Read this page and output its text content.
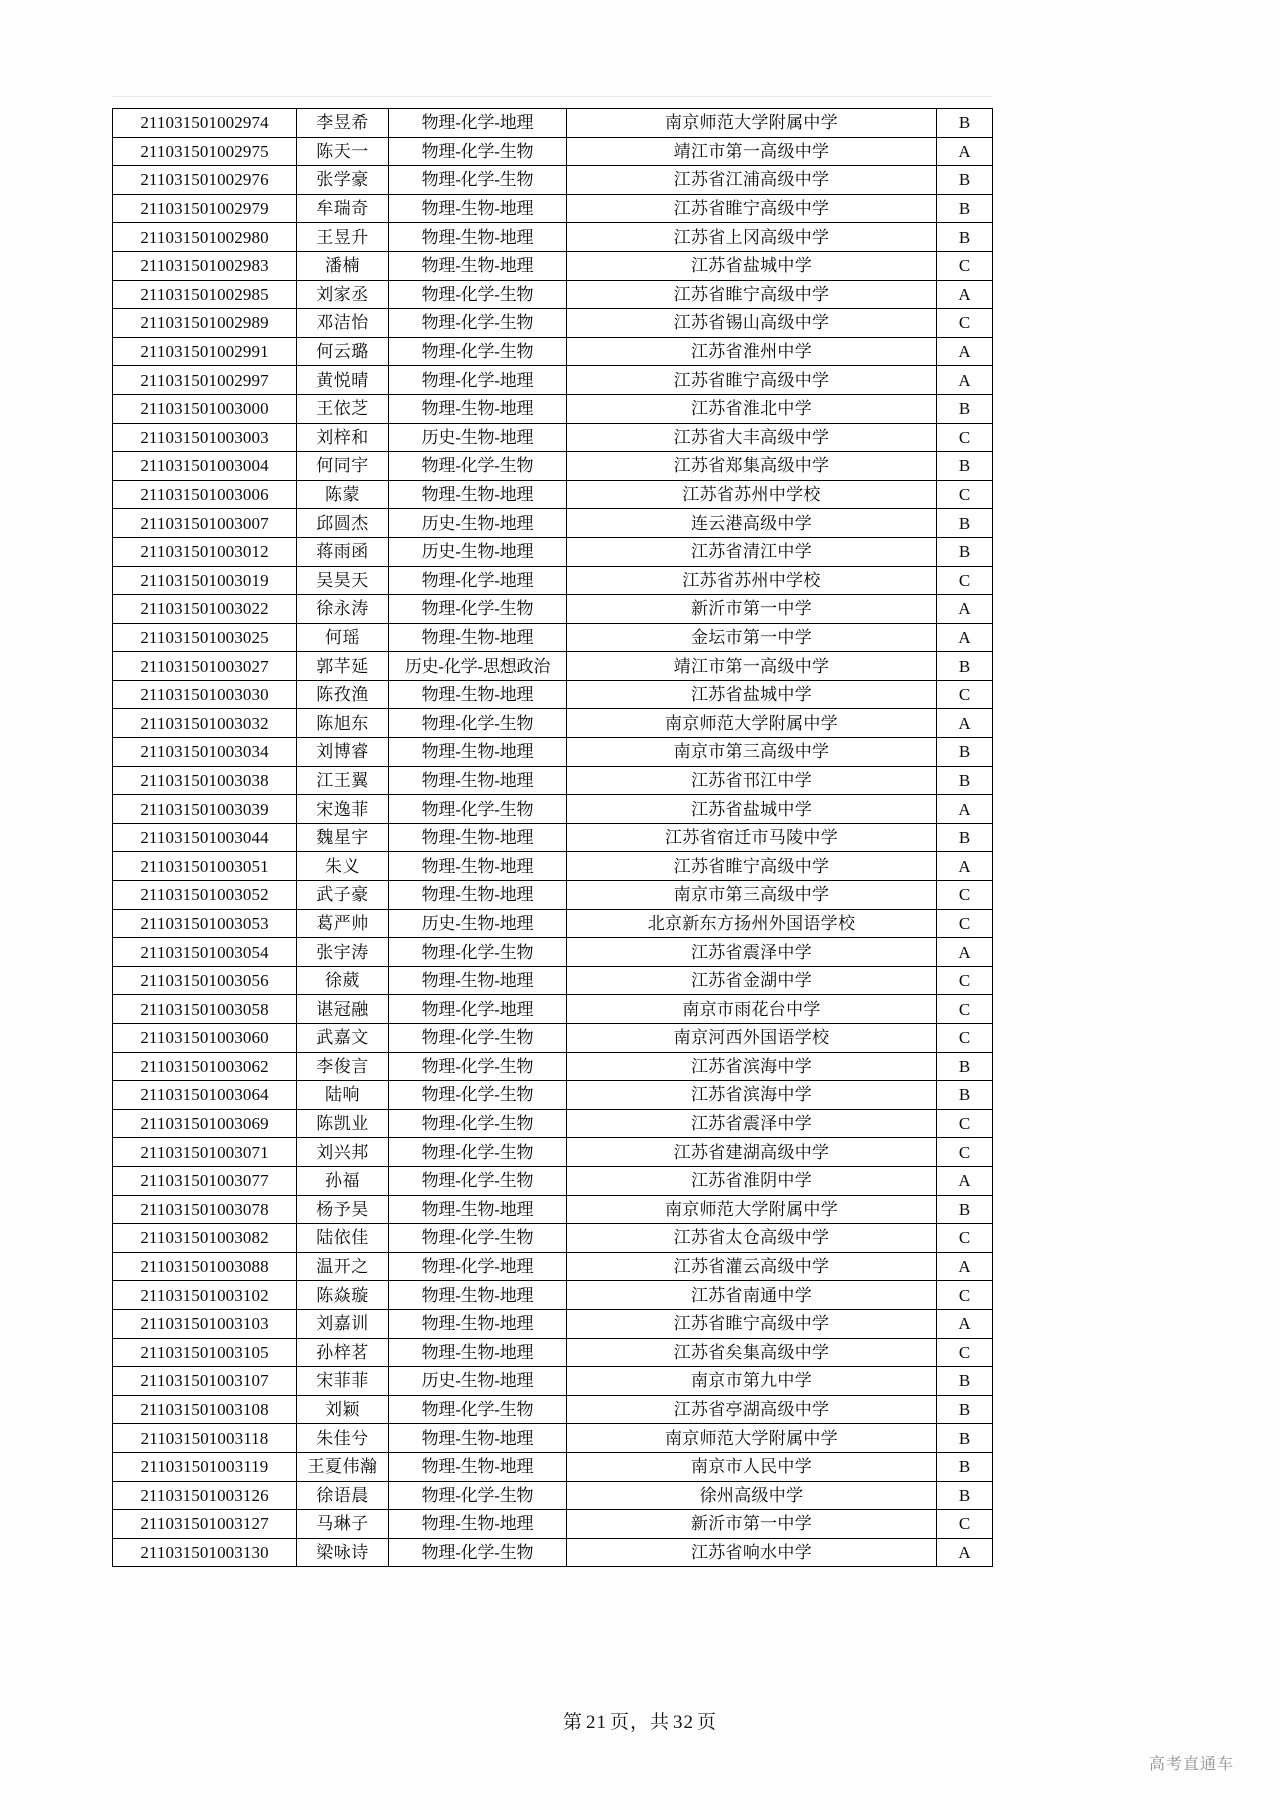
211031501002974	李昱希	物理-化学-地理	南京师范大学附属中学	B
211031501002975	陈天一	物理-化学-生物	靖江市第一高级中学	A
211031501002976	张学豪	物理-化学-生物	江苏省江浦高级中学	B
211031501002979	牟瑞奇	物理-生物-地理	江苏省睢宁高级中学	B
211031501002980	王昱升	物理-生物-地理	江苏省上冈高级中学	B
211031501002983	潘楠	物理-生物-地理	江苏省盐城中学	C
211031501002985	刘家丞	物理-化学-生物	江苏省睢宁高级中学	A
211031501002989	邓洁怡	物理-化学-生物	江苏省锡山高级中学	C
211031501002991	何云璐	物理-化学-生物	江苏省淮州中学	A
211031501002997	黄悦晴	物理-化学-地理	江苏省睢宁高级中学	A
211031501003000	王依芝	物理-生物-地理	江苏省淮北中学	B
211031501003003	刘梓和	历史-生物-地理	江苏省大丰高级中学	C
211031501003004	何同宇	物理-化学-生物	江苏省郑集高级中学	B
211031501003006	陈蒙	物理-生物-地理	江苏省苏州中学校	C
211031501003007	邱圆杰	历史-生物-地理	连云港高级中学	B
211031501003012	蒋雨函	历史-生物-地理	江苏省清江中学	B
211031501003019	吴昊天	物理-化学-地理	江苏省苏州中学校	C
211031501003022	徐永涛	物理-化学-生物	新沂市第一中学	A
211031501003025	何瑶	物理-生物-地理	金坛市第一中学	A
211031501003027	郭芊延	历史-化学-思想政治	靖江市第一高级中学	B
211031501003030	陈孜渔	物理-生物-地理	江苏省盐城中学	C
211031501003032	陈旭东	物理-化学-生物	南京师范大学附属中学	A
211031501003034	刘博睿	物理-生物-地理	南京市第三高级中学	B
211031501003038	江王翼	物理-生物-地理	江苏省邗江中学	B
211031501003039	宋逸菲	物理-化学-生物	江苏省盐城中学	A
211031501003044	魏星宇	物理-生物-地理	江苏省宿迁市马陵中学	B
211031501003051	朱义	物理-生物-地理	江苏省睢宁高级中学	A
211031501003052	武子豪	物理-生物-地理	南京市第三高级中学	C
211031501003053	葛严帅	历史-生物-地理	北京新东方扬州外国语学校	C
211031501003054	张宇涛	物理-化学-生物	江苏省震泽中学	A
211031501003056	徐葳	物理-生物-地理	江苏省金湖中学	C
211031501003058	谌冠融	物理-化学-地理	南京市雨花台中学	C
211031501003060	武嘉文	物理-化学-生物	南京河西外国语学校	C
211031501003062	李俊言	物理-化学-生物	江苏省滨海中学	B
211031501003064	陆响	物理-化学-生物	江苏省滨海中学	B
211031501003069	陈凯业	物理-化学-生物	江苏省震泽中学	C
211031501003071	刘兴邦	物理-化学-生物	江苏省建湖高级中学	C
211031501003077	孙福	物理-化学-生物	江苏省淮阴中学	A
211031501003078	杨予昊	物理-生物-地理	南京师范大学附属中学	B
211031501003082	陆依佳	物理-化学-生物	江苏省太仓高级中学	C
211031501003088	温开之	物理-化学-地理	江苏省灌云高级中学	A
211031501003102	陈焱璇	物理-生物-地理	江苏省南通中学	C
211031501003103	刘嘉训	物理-生物-地理	江苏省睢宁高级中学	A
211031501003105	孙梓茗	物理-生物-地理	江苏省矣集高级中学	C
211031501003107	宋菲菲	历史-生物-地理	南京市第九中学	B
211031501003108	刘颖	物理-化学-生物	江苏省亭湖高级中学	B
211031501003118	朱佳兮	物理-生物-地理	南京师范大学附属中学	B
211031501003119	王夏伟瀚	物理-生物-地理	南京市人民中学	B
211031501003126	徐语晨	物理-化学-生物	徐州高级中学	B
211031501003127	马琳子	物理-生物-地理	新沂市第一中学	C
211031501003130	梁咏诗	物理-化学-生物	江苏省响水中学	A
第 21 页，共 32 页
高考直通车
